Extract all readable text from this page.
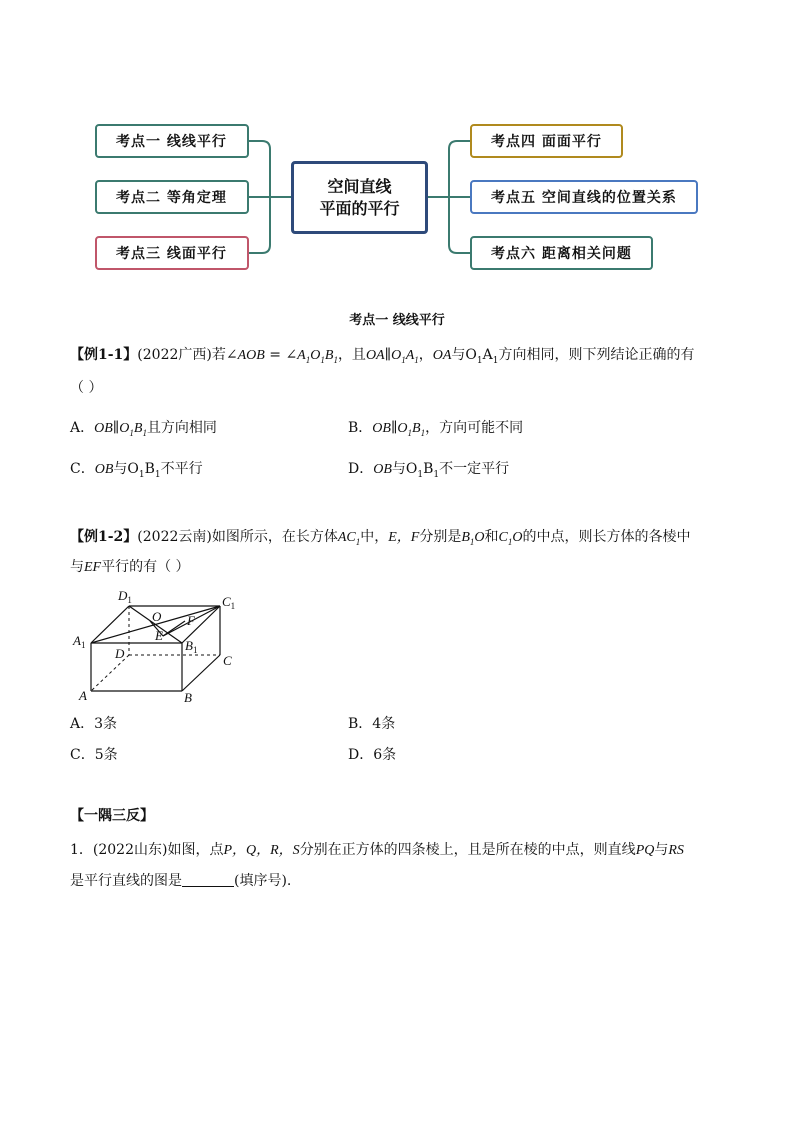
考点一 线线平行
考点二 等角定理
考点三 线面平行
空间直线
平面的平行
考点四 面面平行
考点五 空间直线的位置关系
考点六 距离相关问题
考点一 线线平行
【例1-1】(2022广西)若∠AOB = $\angle A_1O_1B_1$，且$OA\parallel O_1A_1$，OA与$O_1A_1$方向相同，则下列结论正确的有
（ ）
A．$OB\parallel O_1B_1$且方向相同	B．$OB\parallel O_1B_1$，方向可能不同
C．OB与$O_1B_1$不平行	D．OB与$O_1B_1$不一定平行
【例1-2】(2022云南)如图所示，在长方体$AC_1$中，E，F分别是$B_1O$和$C_1O$的中点，则长方体的各棱中
与EF平行的有（ ）
$D_1$	$C_1$
O F
$A_1$
E
$B_1$
D	C
A	B
A．3条	B．4条
C．5条	D．6条
【一隅三反】
1．(2022山东)如图，点P，Q，R，S分别在正方体的四条棱上，且是所在棱的中点，则直线PQ与RS
是平行直线的图是	(填序号).
